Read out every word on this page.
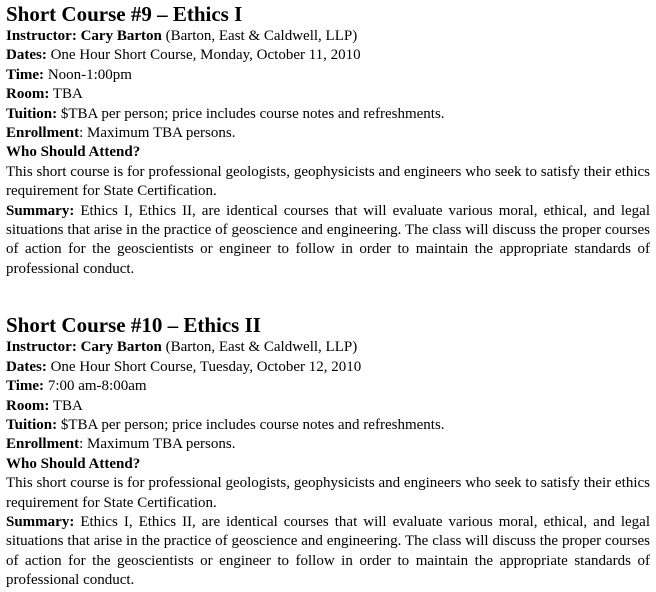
Short Course #9 – Ethics I

Instructor: Cary Barton (Barton, East & Caldwell, LLP)

Dates: One Hour Short Course, Monday, October 11, 2010

Time: Noon-1:00pm

Room: TBA

Tuition: $TBA per person; price includes course notes and refreshments.

Enrollment: Maximum TBA persons.

Who Should Attend?

This short course is for professional geologists, geophysicists and engineers who seek to satisfy their ethics requirement for State Certification.

Summary: Ethics I, Ethics II, are identical courses that will evaluate various moral, ethical, and legal situations that arise in the practice of geoscience and engineering. The class will discuss the proper courses of action for the geoscientists or engineer to follow in order to maintain the appropriate standards of professional conduct.

Short Course #10 – Ethics II

Instructor: Cary Barton (Barton, East & Caldwell, LLP)

Dates: One Hour Short Course, Tuesday, October 12, 2010

Time: 7:00 am-8:00am

Room: TBA

Tuition: $TBA per person; price includes course notes and refreshments.

Enrollment: Maximum TBA persons.

Who Should Attend?

This short course is for professional geologists, geophysicists and engineers who seek to satisfy their ethics requirement for State Certification.

Summary: Ethics I, Ethics II, are identical courses that will evaluate various moral, ethical, and legal situations that arise in the practice of geoscience and engineering. The class will discuss the proper courses of action for the geoscientists or engineer to follow in order to maintain the appropriate standards of professional conduct.
